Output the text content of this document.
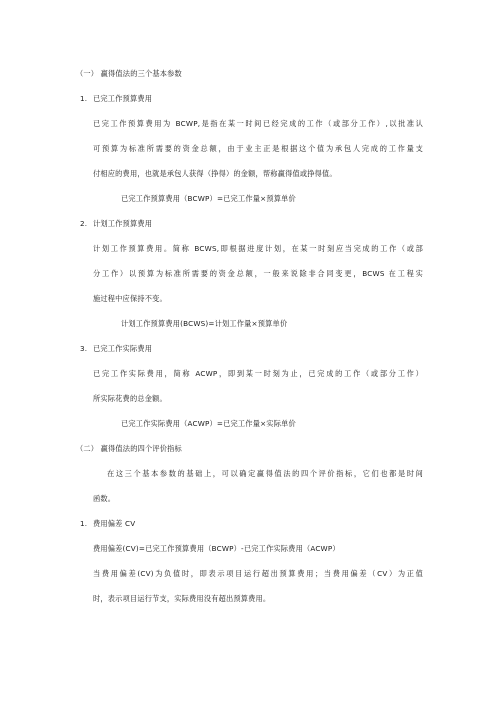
（一） 赢得值法的三个基本参数
1. 已完工作预算费用
已完工作预算费用为 BCWP,是指在某一时间已经完成的工作（或部分工作）,以批准认
可预算为标准所需要的资金总额，由于业主正是根据这个值为承包人完成的工作量支
付相应的费用，也就是承包人获得（挣得）的金额，帮称赢得值或挣得值。
已完工作预算费用（BCWP）=已完工作量×预算单价
2. 计划工作预算费用
计划工作预算费用。简称 BCWS,即根据进度计划，在某一时刻应当完成的工作（或部
分工作）以预算为标准所需要的资金总额，一般来说除非合同变更，BCWS 在工程实
施过程中应保持不变。
计划工作预算费用(BCWS)=计划工作量×预算单价
3. 已完工作实际费用
已完工作实际费用，简称 ACWP，即到某一时刻为止，已完成的工作（或部分工作）
所实际花费的总金额。
已完工作实际费用（ACWP）=已完工作量×实际单价
（二） 赢得值法的四个评价指标
在这三个基本参数的基础上，可以确定赢得值法的四个评价指标，它们也都是时间
函数。
1. 费用偏差 CV
费用偏差(CV)=已完工作预算费用（BCWP）-已完工作实际费用（ACWP）
当费用偏差(CV)为负值时，即表示项目运行超出预算费用；当费用偏差（CV）为正值
时，表示项目运行节支，实际费用没有超出预算费用。
